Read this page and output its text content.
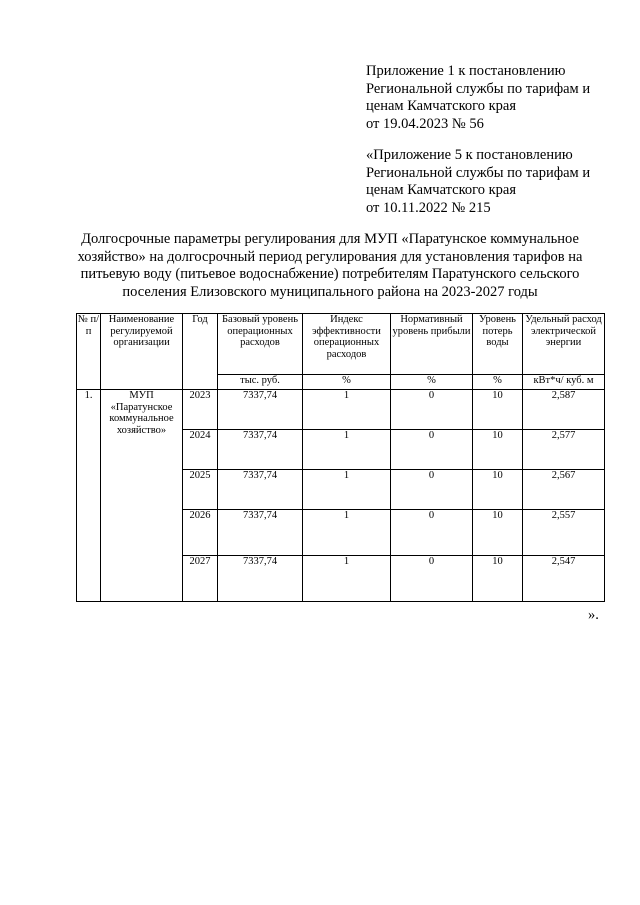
Приложение 1 к постановлению
Региональной службы по тарифам и
ценам Камчатского края
от 19.04.2023 № 56
«Приложение 5 к постановлению
Региональной службы по тарифам и
ценам Камчатского края
от 10.11.2022 № 215
Долгосрочные параметры регулирования для МУП «Паратунское коммунальное
хозяйство» на долгосрочный период регулирования для установления тарифов на
питьевую воду (питьевое водоснабжение) потребителям Паратунского сельского
поселения Елизовского муниципального района на 2023-2027 годы
№ п/п	Наименование регулируемой организации	Год	Базовый уровень операционных расходов	Индекс эффективности операционных расходов	Нормативный уровень прибыли	Уровень потерь воды	Удельный расход электрической энергии
			тыс. руб.	%	%	%	кВт*ч/ куб. м
1.	МУП «Паратунское коммунальное хозяйство»	2023	7337,74	1	0	10	2,587
		2024	7337,74	1	0	10	2,577
		2025	7337,74	1	0	10	2,567
		2026	7337,74	1	0	10	2,557
		2027	7337,74	1	0	10	2,547
».
